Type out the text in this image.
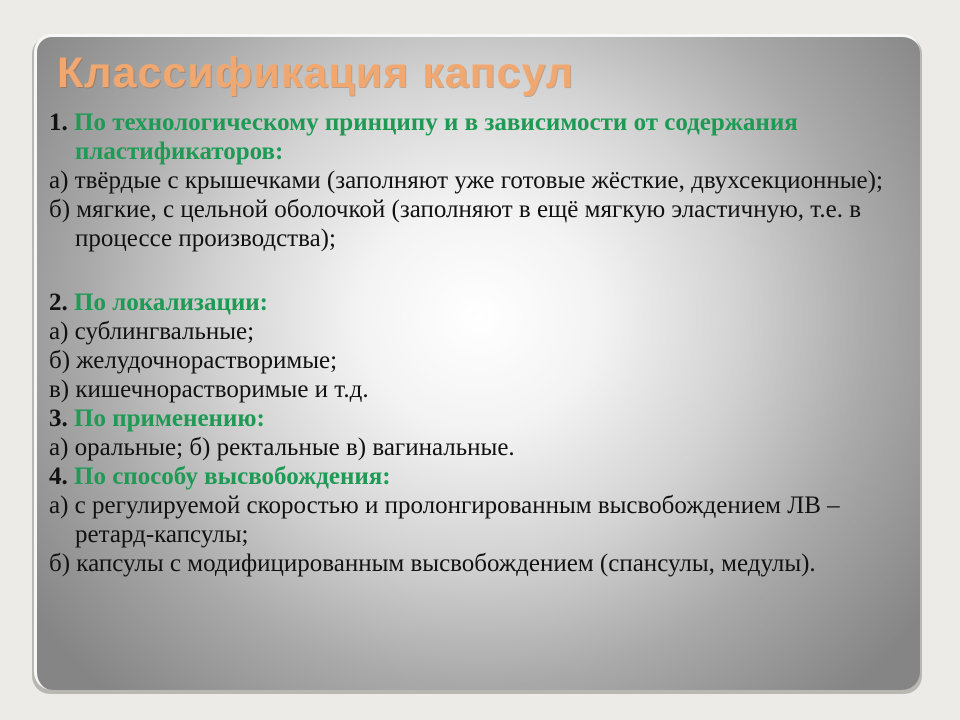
Классификация капсул

1. По технологическому принципу и в зависимости от содержания пластификаторов:

а) твёрдые с крышечками (заполняют уже готовые жёсткие, двухсекционные);

б) мягкие, с цельной оболочкой (заполняют в ещё мягкую эластичную, т.е. в процессе производства);

2. По локализации:

а) сублингвальные;

б) желудочнорастворимые;

в) кишечнорастворимые и т.д.

3. По применению:

а) оральные; б) ректальные в) вагинальные.

4. По способу высвобождения:

а) с регулируемой скоростью и пролонгированным высвобождением ЛВ – ретард-капсулы;

б) капсулы с модифицированным высвобождением (спансулы, медулы).
